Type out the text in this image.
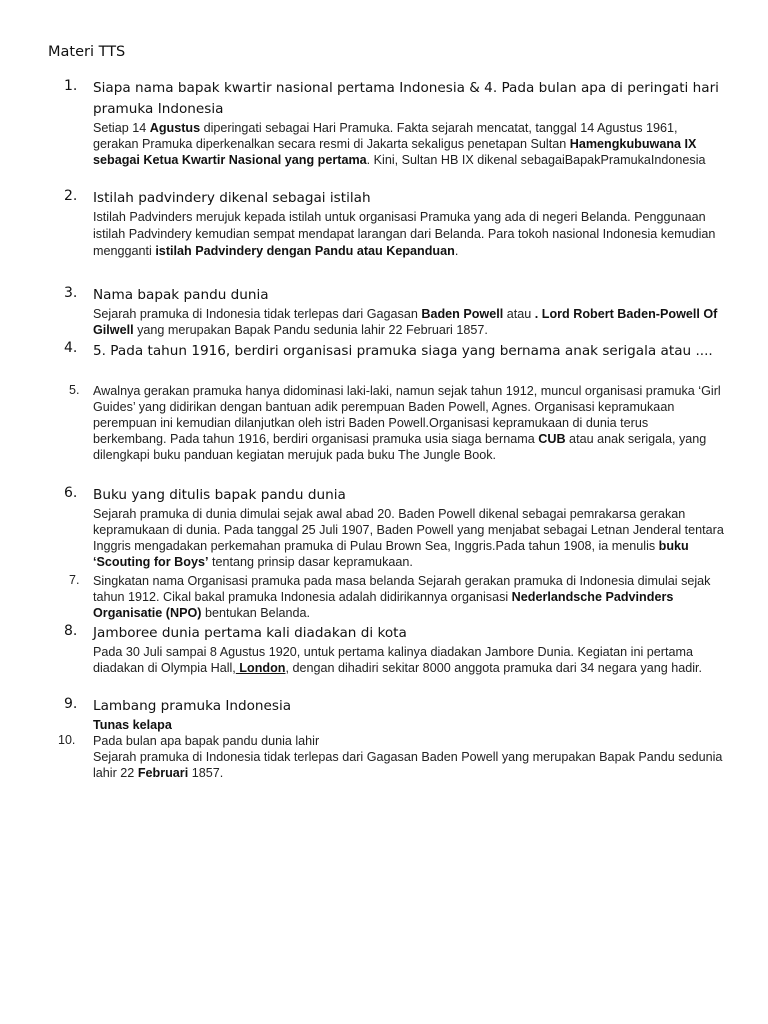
Materi TTS
1.	Siapa nama bapak kwartir nasional pertama Indonesia & 4. Pada bulan apa di peringati hari pramuka Indonesia
Setiap 14 Agustus diperingati sebagai Hari Pramuka. Fakta sejarah mencatat, tanggal 14 Agustus 1961, gerakan Pramuka diperkenalkan secara resmi di Jakarta sekaligus penetapan Sultan Hamengkubuwana IX sebagai Ketua Kwartir Nasional yang pertama. Kini, Sultan HB IX dikenal sebagaiBapakPramukaIndonesia
2.	Istilah padvindery dikenal sebagai istilah
Istilah Padvinders merujuk kepada istilah untuk organisasi Pramuka yang ada di negeri Belanda. Penggunaan istilah Padvindery kemudian sempat mendapat larangan dari Belanda. Para tokoh nasional Indonesia kemudian mengganti istilah Padvindery dengan Pandu atau Kepanduan.
3.	Nama bapak pandu dunia
Sejarah pramuka di Indonesia tidak terlepas dari Gagasan Baden Powell atau . Lord Robert Baden-Powell Of Gilwell yang merupakan Bapak Pandu sedunia lahir 22 Februari 1857.
4.	5. Pada tahun 1916, berdiri organisasi pramuka siaga yang bernama anak serigala atau ....
5.	Awalnya gerakan pramuka hanya didominasi laki-laki, namun sejak tahun 1912, muncul organisasi pramuka ‘Girl Guides’ yang didirikan dengan bantuan adik perempuan Baden Powell, Agnes. Organisasi kepramukaan perempuan ini kemudian dilanjutkan oleh istri Baden Powell.Organisasi kepramukaan di dunia terus berkembang. Pada tahun 1916, berdiri organisasi pramuka usia siaga bernama CUB atau anak serigala, yang dilengkapi buku panduan kegiatan merujuk pada buku The Jungle Book.
6.	Buku yang ditulis bapak pandu dunia
Sejarah pramuka di dunia dimulai sejak awal abad 20. Baden Powell dikenal sebagai pemrakarsa gerakan kepramukaan di dunia. Pada tanggal 25 Juli 1907, Baden Powell yang menjabat sebagai Letnan Jenderal tentara Inggris mengadakan perkemahan pramuka di Pulau Brown Sea, Inggris.Pada tahun 1908, ia menulis buku ‘Scouting for Boys’ tentang prinsip dasar kepramukaan.
7.	Singkatan nama Organisasi pramuka pada masa belanda Sejarah gerakan pramuka di Indonesia dimulai sejak tahun 1912. Cikal bakal pramuka Indonesia adalah didirikannya organisasi Nederlandsche Padvinders Organisatie (NPO) bentukan Belanda.
8.	Jamboree dunia pertama kali diadakan di kota
Pada 30 Juli sampai 8 Agustus 1920, untuk pertama kalinya diadakan Jambore Dunia. Kegiatan ini pertama diadakan di Olympia Hall, London, dengan dihadiri sekitar 8000 anggota pramuka dari 34 negara yang hadir.
9.	Lambang pramuka Indonesia
Tunas kelapa
10.	Pada bulan apa bapak pandu dunia lahir
Sejarah pramuka di Indonesia tidak terlepas dari Gagasan Baden Powell yang merupakan Bapak Pandu sedunia lahir 22 Februari 1857.
